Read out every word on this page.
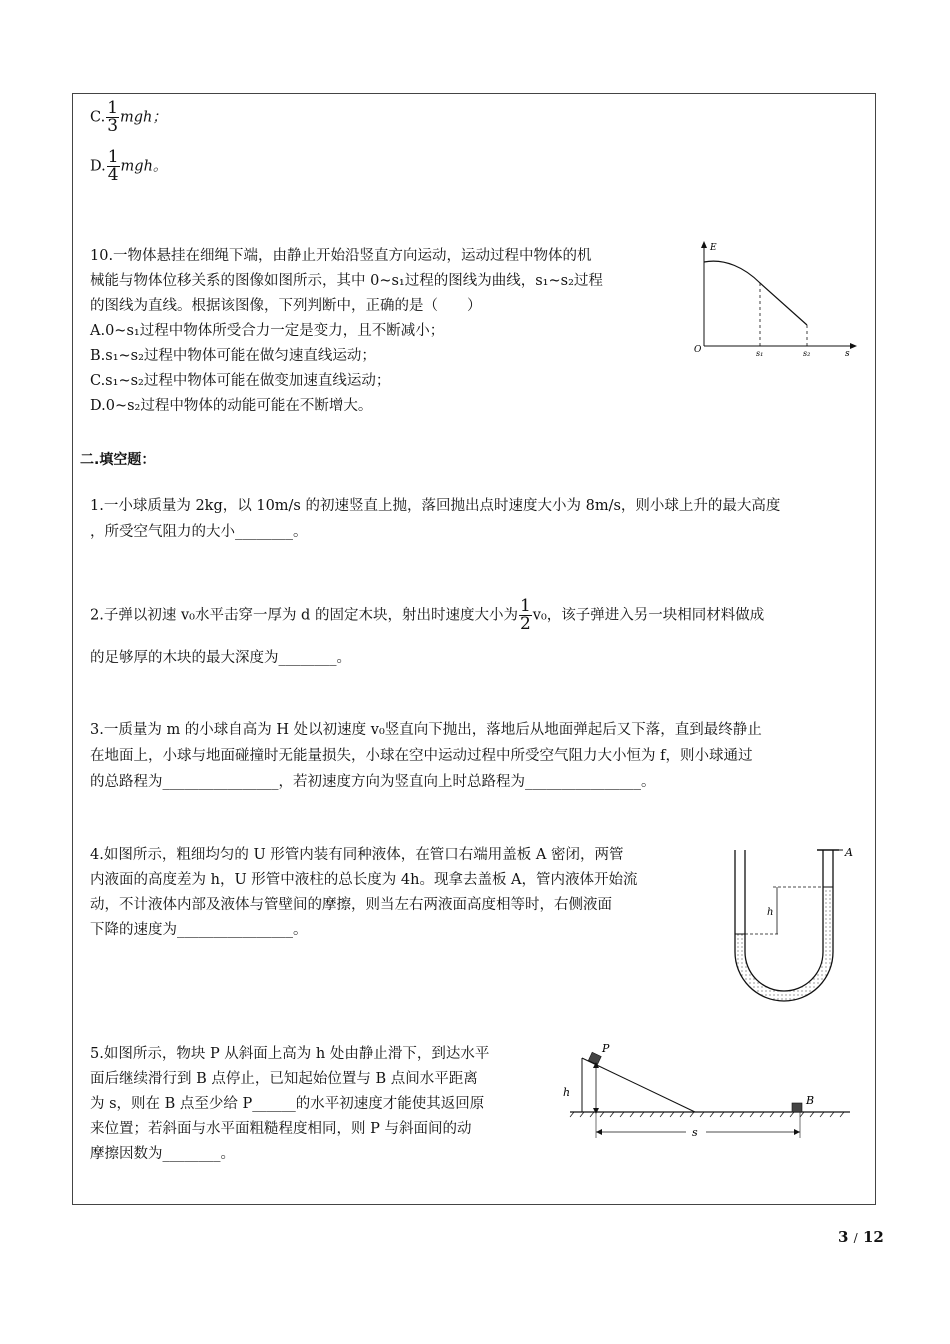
C. $\frac{1}{3}$ mgh；
D. $\frac{1}{4}$ mgh。
10.一物体悬挂在细绳下端，由静止开始沿竖直方向运动，运动过程中物体的机
械能与物体位移关系的图像如图所示，其中 0~s₁过程的图线为曲线，s₁~s₂过程
的图线为直线。根据该图像，下列判断中，正确的是（　　）
A.0~s₁过程中物体所受合力一定是变力，且不断减小；
B.s₁~s₂过程中物体可能在做匀速直线运动；
C.s₁~s₂过程中物体可能在做变加速直线运动；
D.0~s₂过程中物体的动能可能在不断增大。
E
O	s
s₁	s₂
二.填空题：
1.一小球质量为 2kg，以 10m/s 的初速竖直上抛，落回抛出点时速度大小为 8m/s，则小球上升的最大高度
，所受空气阻力的大小________。
2.子弹以初速 v₀水平击穿一厚为 d 的固定木块，射出时速度大小为 $\frac{1}{2} v_0$，该子弹进入另一块相同材料做成
的足够厚的木块的最大深度为________。
3.一质量为 m 的小球自高为 H 处以初速度 v₀竖直向下抛出，落地后从地面弹起后又下落，直到最终静止
在地面上，小球与地面碰撞时无能量损失，小球在空中运动过程中所受空气阻力大小恒为 f，则小球通过
的总路程为________________，若初速度方向为竖直向上时总路程为________________。
4.如图所示，粗细均匀的 U 形管内装有同种液体，在管口右端用盖板 A 密闭，两管
内液面的高度差为 h，U 形管中液柱的总长度为 4h。现拿去盖板 A，管内液体开始流
动，不计液体内部及液体与管壁间的摩擦，则当左右两液面高度相等时，右侧液面
下降的速度为________________。
A
h
5.如图所示，物块 P 从斜面上高为 h 处由静止滑下，到达水平
面后继续滑行到 B 点停止，已知起始位置与 B 点间水平距离
为 s，则在 B 点至少给 P______的水平初速度才能使其返回原
来位置；若斜面与水平面粗糙程度相同，则 P 与斜面间的动
摩擦因数为________。
P
h
B
s
3 / 12
